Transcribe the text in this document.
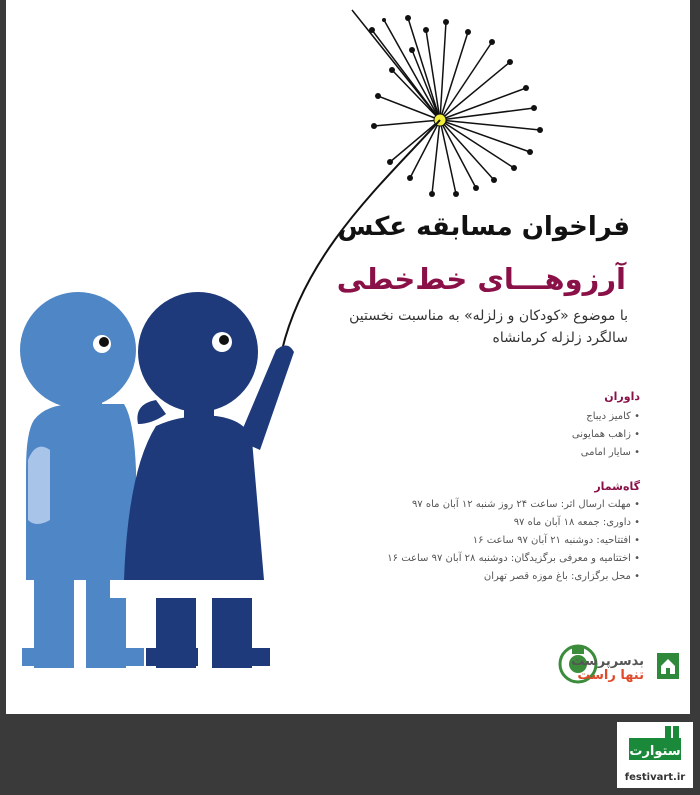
فراخوان مسابقه عکس
آرزوهـــای خط‌خطی
با موضوع «کودکان و زلزله» به مناسبت نخستین
سالگرد زلزله کرمانشاه
داوران
• کامیز دیباج
• زاهب همایونی
• سایار امامی
گاه‌شمار
• مهلت ارسال اثر: ساعت ۲۴ روز شنبه ۱۲ آبان ماه ۹۷
• داوری: جمعه ۱۸ آبان ماه ۹۷
• افتتاحیه: دوشنبه ۲۱ آبان ۹۷ ساعت ۱۶
• اختتامیه و معرفی برگزیدگان: دوشنبه ۲۸ آبان ۹۷ ساعت ۱۶
• محل برگزاری: باغ موزه قصر تهران
بدسرپرست
تنها راست
ستوارت
festivart.ir
